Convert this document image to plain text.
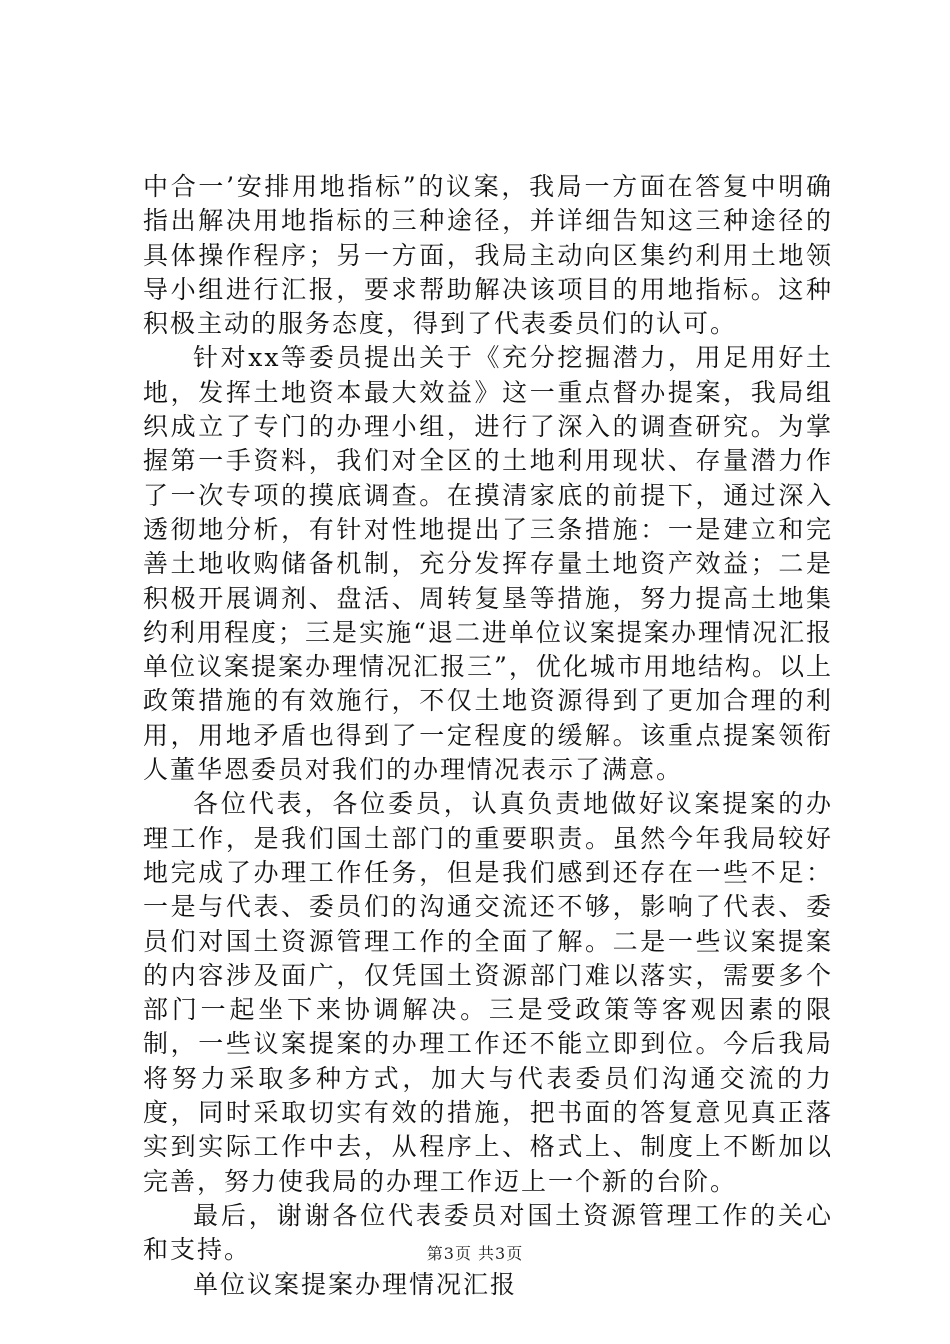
中合一’安排用地指标”的议案，我局一方面在答复中明确指出解决用地指标的三种途径，并详细告知这三种途径的具体操作程序；另一方面，我局主动向区集约利用土地领导小组进行汇报，要求帮助解决该项目的用地指标。这种积极主动的服务态度，得到了代表委员们的认可。

针对xx等委员提出关于《充分挖掘潜力，用足用好土地，发挥土地资本最大效益》这一重点督办提案，我局组织成立了专门的办理小组，进行了深入的调查研究。为掌握第一手资料，我们对全区的土地利用现状、存量潜力作了一次专项的摸底调查。在摸清家底的前提下，通过深入透彻地分析，有针对性地提出了三条措施：一是建立和完善土地收购储备机制，充分发挥存量土地资产效益；二是积极开展调剂、盘活、周转复垦等措施，努力提高土地集约利用程度；三是实施“退二进单位议案提案办理情况汇报单位议案提案办理情况汇报三”，优化城市用地结构。以上政策措施的有效施行，不仅土地资源得到了更加合理的利用，用地矛盾也得到了一定程度的缓解。该重点提案领衔人董华恩委员对我们的办理情况表示了满意。

各位代表，各位委员，认真负责地做好议案提案的办理工作，是我们国土部门的重要职责。虽然今年我局较好地完成了办理工作任务，但是我们感到还存在一些不足：一是与代表、委员们的沟通交流还不够，影响了代表、委员们对国土资源管理工作的全面了解。二是一些议案提案的内容涉及面广，仅凭国土资源部门难以落实，需要多个部门一起坐下来协调解决。三是受政策等客观因素的限制，一些议案提案的办理工作还不能立即到位。今后我局将努力采取多种方式，加大与代表委员们沟通交流的力度，同时采取切实有效的措施，把书面的答复意见真正落实到实际工作中去，从程序上、格式上、制度上不断加以完善，努力使我局的办理工作迈上一个新的台阶。

最后，谢谢各位代表委员对国土资源管理工作的关心和支持。

单位议案提案办理情况汇报

第3页 共3页
